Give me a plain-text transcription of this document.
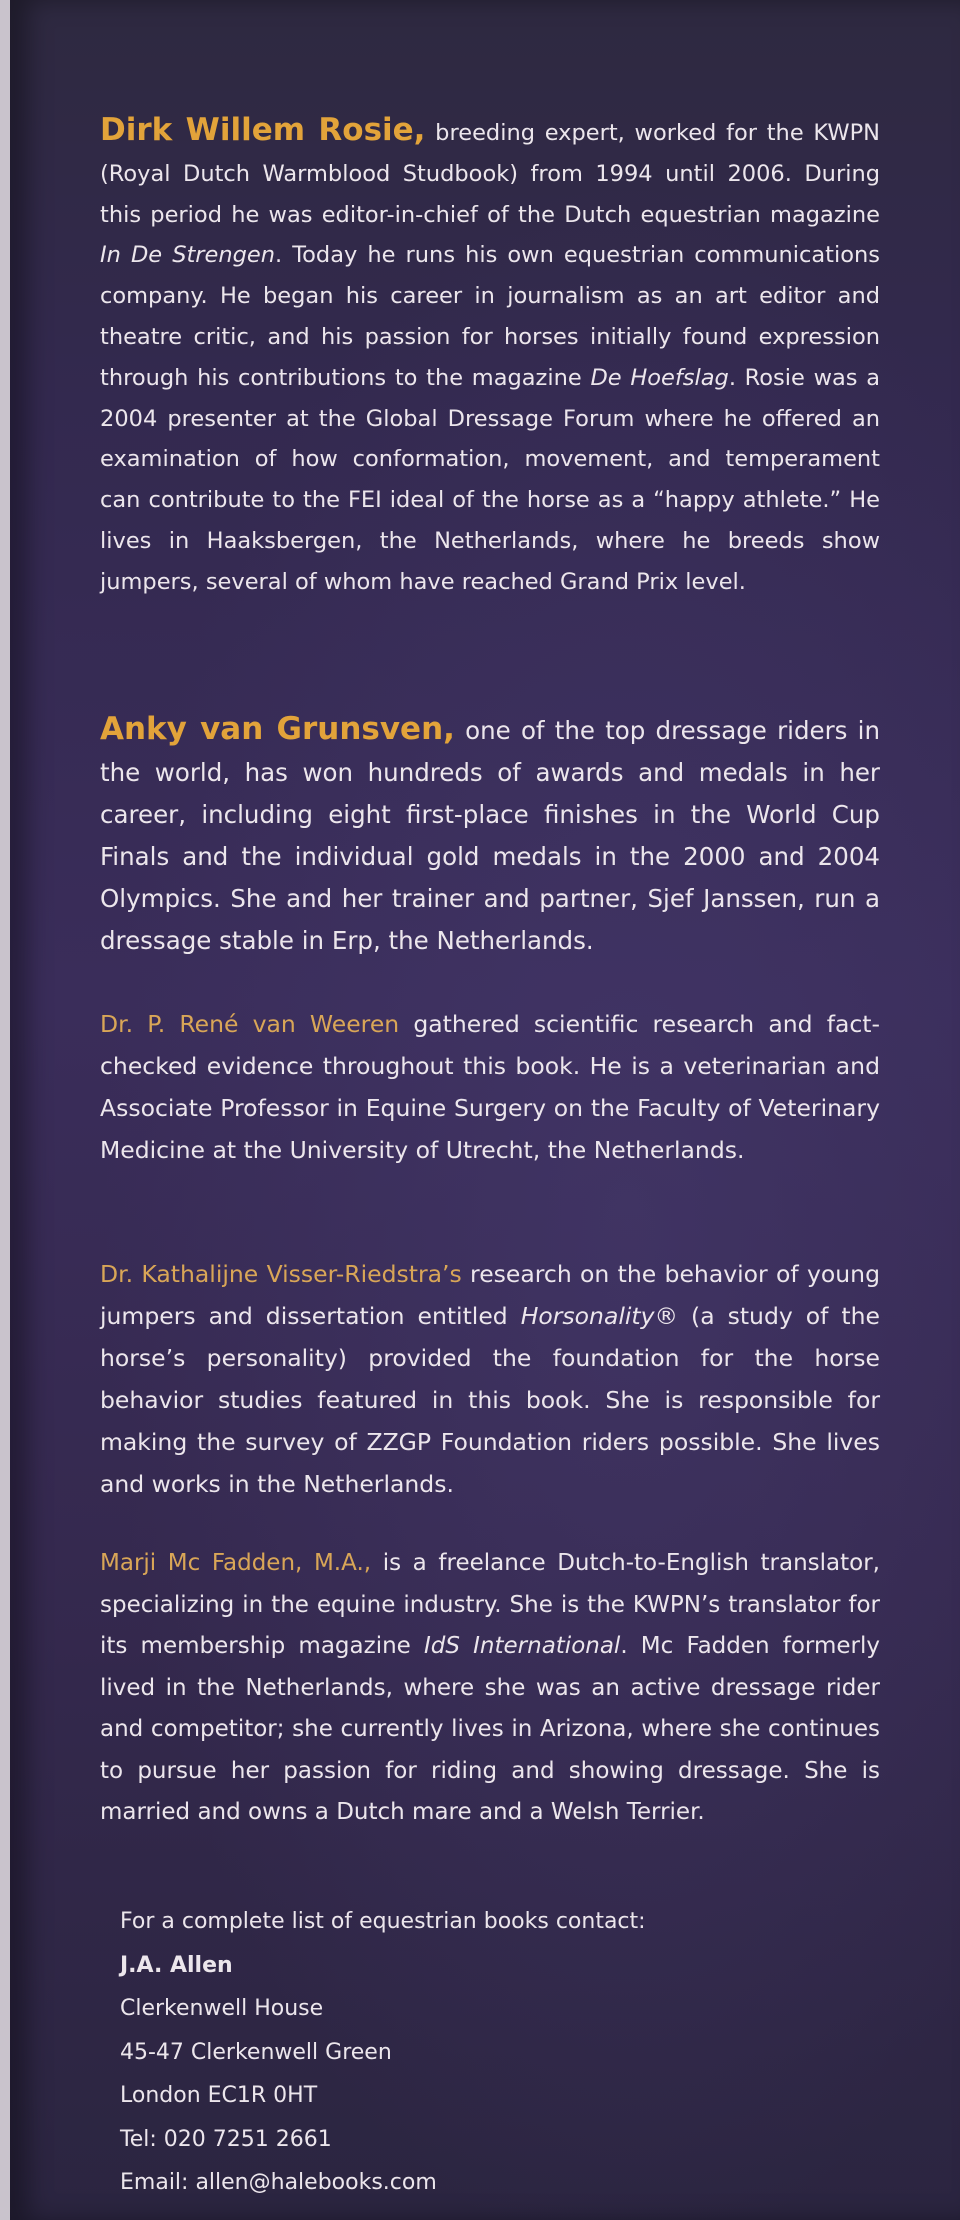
Dirk Willem Rosie, breeding expert, worked for the KWPN (Royal Dutch Warmblood Studbook) from 1994 until 2006. During this period he was editor-in-chief of the Dutch equestrian magazine In De Strengen. Today he runs his own equestrian communications company. He began his career in journalism as an art editor and theatre critic, and his passion for horses initially found expression through his contributions to the magazine De Hoefslag. Rosie was a 2004 presenter at the Global Dressage Forum where he offered an examination of how conformation, movement, and temperament can contribute to the FEI ideal of the horse as a “happy athlete.” He lives in Haaksbergen, the Netherlands, where he breeds show jumpers, several of whom have reached Grand Prix level.

Anky van Grunsven, one of the top dressage riders in the world, has won hundreds of awards and medals in her career, including eight first-place finishes in the World Cup Finals and the individual gold medals in the 2000 and 2004 Olympics. She and her trainer and partner, Sjef Janssen, run a dressage stable in Erp, the Netherlands.

Dr. P. René van Weeren gathered scientific research and fact-checked evidence throughout this book. He is a veterinarian and Associate Professor in Equine Surgery on the Faculty of Veterinary Medicine at the University of Utrecht, the Netherlands.

Dr. Kathalijne Visser-Riedstra’s research on the behavior of young jumpers and dissertation entitled Horsonality® (a study of the horse’s personality) provided the foundation for the horse behavior studies featured in this book. She is responsible for making the survey of ZZGP Foundation riders possible. She lives and works in the Netherlands.

Marji Mc Fadden, M.A., is a freelance Dutch-to-English translator, specializing in the equine industry. She is the KWPN’s translator for its membership magazine IdS International. Mc Fadden formerly lived in the Netherlands, where she was an active dressage rider and competitor; she currently lives in Arizona, where she continues to pursue her passion for riding and showing dressage. She is married and owns a Dutch mare and a Welsh Terrier.

For a complete list of equestrian books contact:
J.A. Allen
Clerkenwell House
45-47 Clerkenwell Green
London EC1R 0HT
Tel: 020 7251 2661
Email: allen@halebooks.com
